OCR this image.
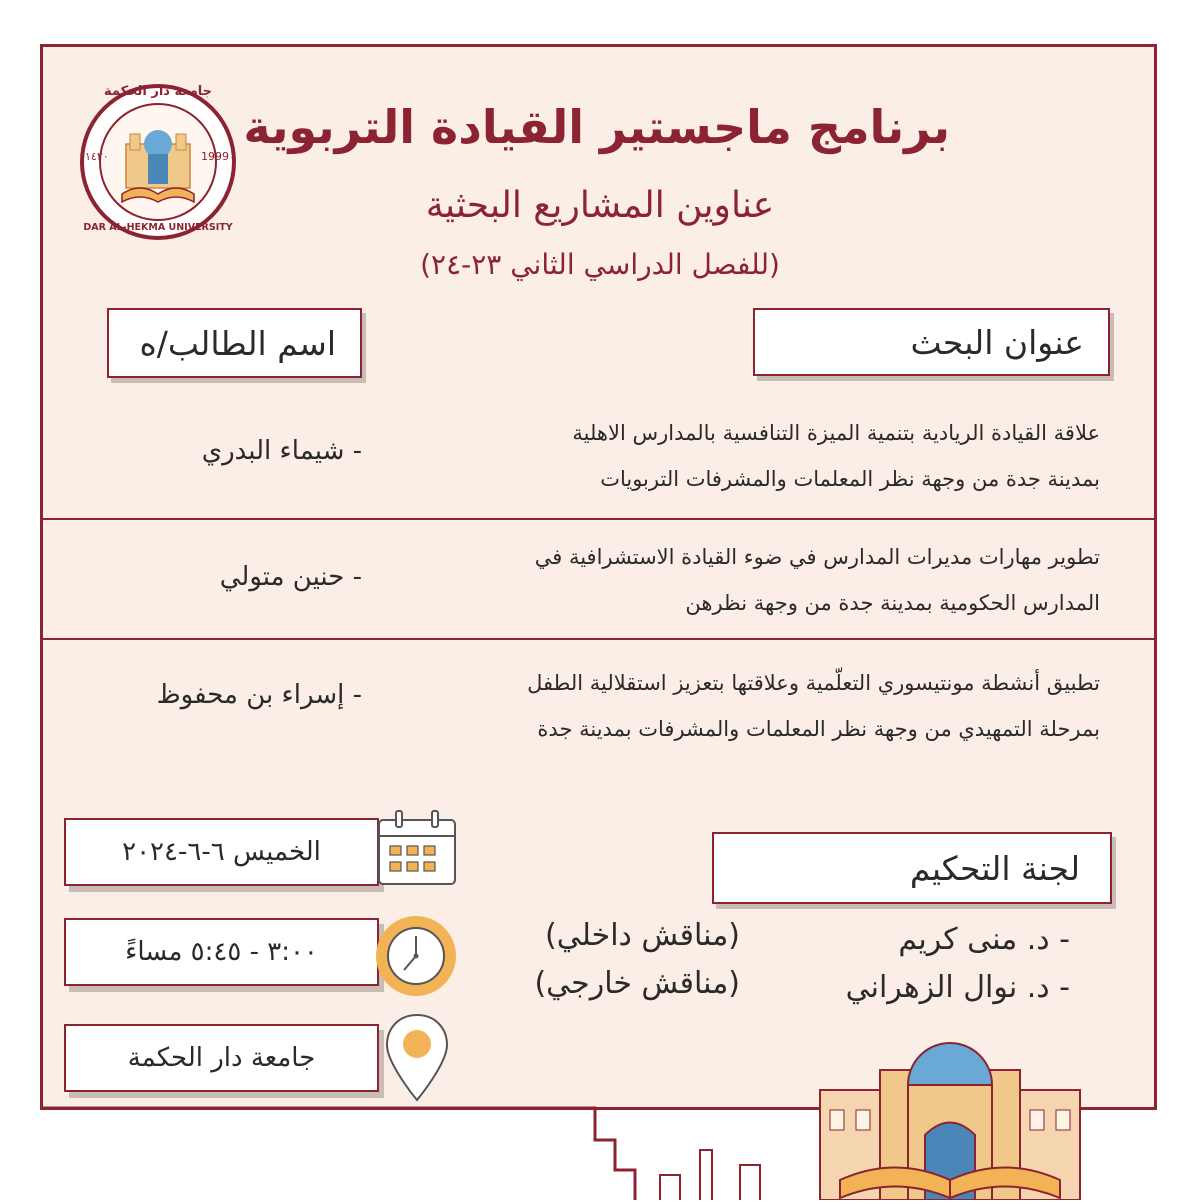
١٤٢٠	1999
جامعة دار الحكمة
DAR AL-HEKMA UNIVERSITY
برنامج ماجستير القيادة التربوية
عناوين المشاريع البحثية
(للفصل الدراسي الثاني ٢٣-٢٤)
عنوان البحث
اسم الطالب/ه
علاقة القيادة الريادية بتنمية الميزة التنافسية بالمدارس الاهلية
بمدينة جدة من وجهة نظر المعلمات والمشرفات التربويات
- شيماء البدري
تطوير مهارات مديرات المدارس في ضوء القيادة الاستشرافية في
المدارس الحكومية بمدينة جدة من وجهة نظرهن
- حنين متولي
تطبيق أنشطة مونتيسوري التعلّمية وعلاقتها بتعزيز استقلالية الطفل
بمرحلة التمهيدي من وجهة نظر المعلمات والمشرفات بمدينة جدة
- إسراء بن محفوظ
الخميس ٦-٦-٢٠٢٤
٣:٠٠ - ٥:٤٥ مساءً
جامعة دار الحكمة
لجنة التحكيم
- د. منى كريم
(مناقش داخلي)
- د. نوال الزهراني
(مناقش خارجي)
